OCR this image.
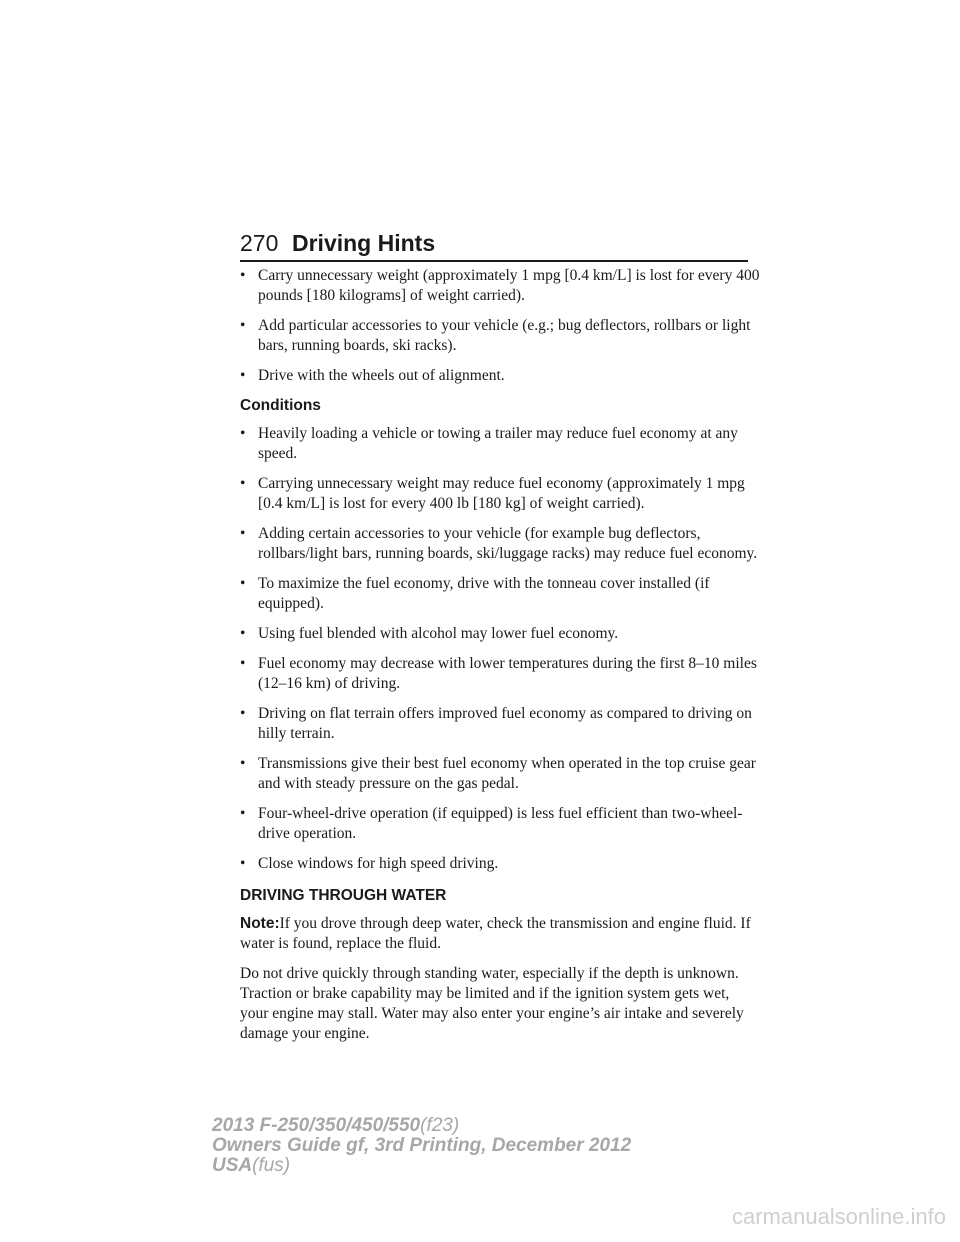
270 Driving Hints
• Carry unnecessary weight (approximately 1 mpg [0.4 km/L] is lost for every 400 pounds [180 kilograms] of weight carried).
• Add particular accessories to your vehicle (e.g.; bug deflectors, rollbars or light bars, running boards, ski racks).
• Drive with the wheels out of alignment.
Conditions
• Heavily loading a vehicle or towing a trailer may reduce fuel economy at any speed.
• Carrying unnecessary weight may reduce fuel economy (approximately 1 mpg [0.4 km/L] is lost for every 400 lb [180 kg] of weight carried).
• Adding certain accessories to your vehicle (for example bug deflectors, rollbars/light bars, running boards, ski/luggage racks) may reduce fuel economy.
• To maximize the fuel economy, drive with the tonneau cover installed (if equipped).
• Using fuel blended with alcohol may lower fuel economy.
• Fuel economy may decrease with lower temperatures during the first 8–10 miles (12–16 km) of driving.
• Driving on flat terrain offers improved fuel economy as compared to driving on hilly terrain.
• Transmissions give their best fuel economy when operated in the top cruise gear and with steady pressure on the gas pedal.
• Four-wheel-drive operation (if equipped) is less fuel efficient than two-wheel-drive operation.
• Close windows for high speed driving.
DRIVING THROUGH WATER

Note:If you drove through deep water, check the transmission and engine fluid. If water is found, replace the fluid.

Do not drive quickly through standing water, especially if the depth is unknown. Traction or brake capability may be limited and if the ignition system gets wet, your engine may stall. Water may also enter your engine’s air intake and severely damage your engine.

2013 F-250/350/450/550(f23)
Owners Guide gf, 3rd Printing, December 2012
USA(fus)
carmanualsonline.info
